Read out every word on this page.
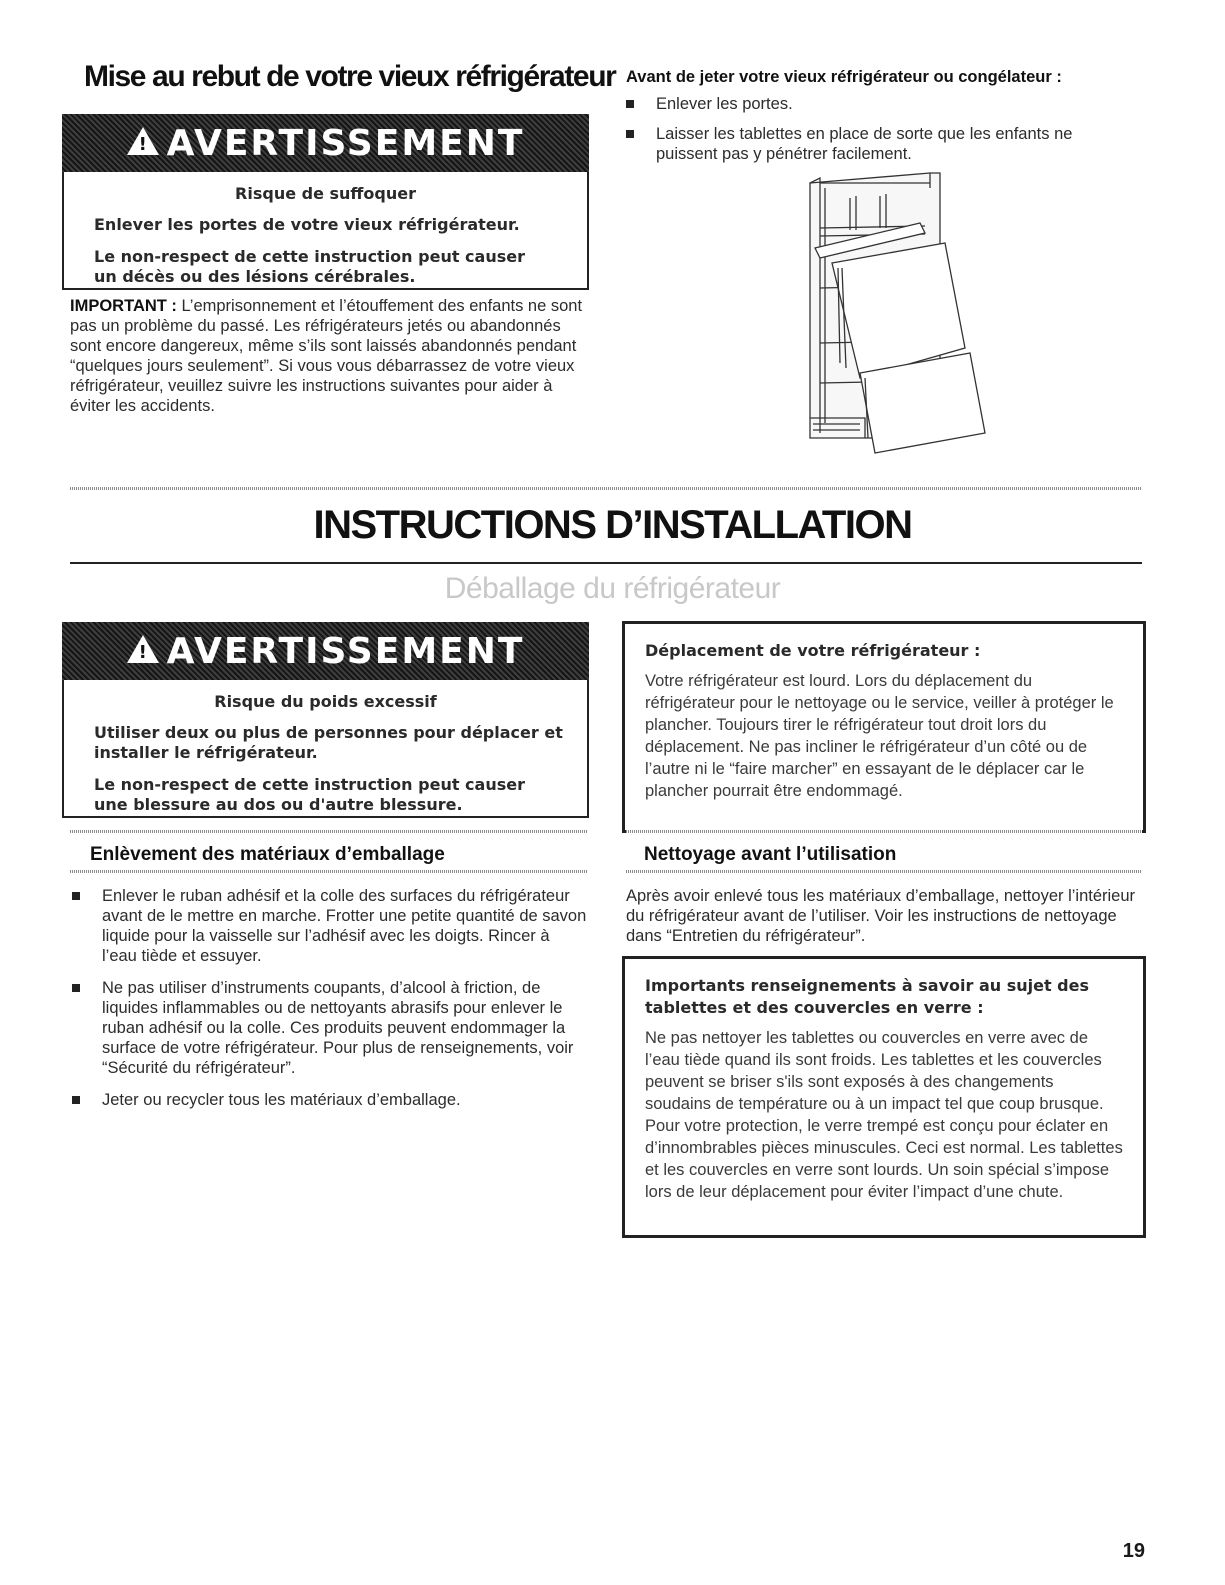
Mise au rebut de votre vieux réfrigérateur
!
AVERTISSEMENT
Risque de suffoquer
Enlever les portes de votre vieux réfrigérateur.
Le non-respect de cette instruction peut causer
un décès ou des lésions cérébrales.
IMPORTANT : L’emprisonnement et l’étouffement des enfants ne sont pas un problème du passé. Les réfrigérateurs jetés ou abandonnés sont encore dangereux, même s’ils sont laissés abandonnés pendant “quelques jours seulement”. Si vous vous débarrassez de votre vieux réfrigérateur, veuillez suivre les instructions suivantes pour aider à éviter les accidents.
Avant de jeter votre vieux réfrigérateur ou congélateur :
Enlever les portes.
Laisser les tablettes en place de sorte que les enfants ne puissent pas y pénétrer facilement.
INSTRUCTIONS D’INSTALLATION
Déballage du réfrigérateur
!
AVERTISSEMENT
Risque du poids excessif
Utiliser deux ou plus de personnes pour déplacer et
installer le réfrigérateur.
Le non-respect de cette instruction peut causer
une blessure au dos ou d'autre blessure.
Déplacement de votre réfrigérateur :
Votre réfrigérateur est lourd. Lors du déplacement du réfrigérateur pour le nettoyage ou le service, veiller à protéger le plancher. Toujours tirer le réfrigérateur tout droit lors du déplacement. Ne pas incliner le réfrigérateur d’un côté ou de l’autre ni le “faire marcher” en essayant de le déplacer car le plancher pourrait être endommagé.
Enlèvement des matériaux d’emballage
Enlever le ruban adhésif et la colle des surfaces du réfrigérateur avant de le mettre en marche. Frotter une petite quantité de savon liquide pour la vaisselle sur l’adhésif avec les doigts. Rincer à l’eau tiède et essuyer.
Ne pas utiliser d’instruments coupants, d’alcool à friction, de liquides inflammables ou de nettoyants abrasifs pour enlever le ruban adhésif ou la colle. Ces produits peuvent endommager la surface de votre réfrigérateur. Pour plus de renseignements, voir “Sécurité du réfrigérateur”.
Jeter ou recycler tous les matériaux d’emballage.
Nettoyage avant l’utilisation
Après avoir enlevé tous les matériaux d’emballage, nettoyer l’intérieur du réfrigérateur avant de l’utiliser. Voir les instructions de nettoyage dans “Entretien du réfrigérateur”.
Importants renseignements à savoir au sujet des tablettes et des couvercles en verre :
Ne pas nettoyer les tablettes ou couvercles en verre avec de l’eau tiède quand ils sont froids. Les tablettes et les couvercles peuvent se briser s'ils sont exposés à des changements soudains de température ou à un impact tel que coup brusque. Pour votre protection, le verre trempé est conçu pour éclater en d’innombrables pièces minuscules. Ceci est normal. Les tablettes et les couvercles en verre sont lourds. Un soin spécial s’impose lors de leur déplacement pour éviter l’impact d’une chute.
19
